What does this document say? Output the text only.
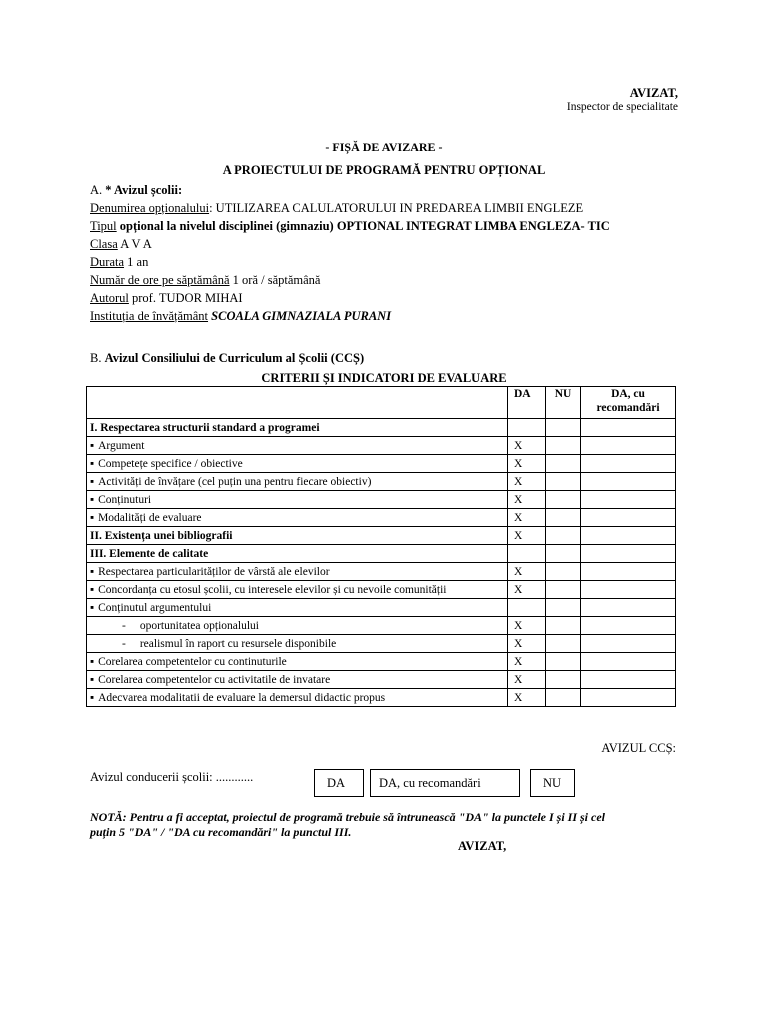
AVIZAT,
Inspector de specialitate
- FIȘĂ DE AVIZARE -
A PROIECTULUI DE PROGRAMĂ PENTRU OPȚIONAL
A. * Avizul școlii:
Denumirea opționalului: UTILIZAREA CALULATORULUI IN PREDAREA LIMBII ENGLEZE
Tipul opțional la nivelul disciplinei (gimnaziu) OPTIONAL INTEGRAT LIMBA ENGLEZA- TIC
Clasa A V A
Durata 1 an
Număr de ore pe săptămână 1 oră / săptămână
Autorul prof. TUDOR MIHAI
Instituția de învățământ SCOALA GIMNAZIALA PURANI
B. Avizul Consiliului de Curriculum al Școlii (CCȘ)
CRITERII ȘI INDICATORI DE EVALUARE
	DA	NU	DA, cu recomandări
I. Respectarea structurii standard a programei			
▪ Argument	X		
▪ Competețe specifice / obiective	X		
▪ Activități de învățare (cel puțin una pentru fiecare obiectiv)	X		
▪ Conținuturi	X		
▪ Modalități de evaluare	X		
II. Existența unei bibliografii	X		
III. Elemente de calitate			
▪ Respectarea particularităților de vârstă ale elevilor	X		
▪ Concordanța cu etosul școlii, cu interesele elevilor și cu nevoile comunității	X		
▪ Conținutul argumentului			
- oportunitatea opționalului	X		
- realismul în raport cu resursele disponibile	X		
▪ Corelarea competentelor cu continuturile	X		
▪ Corelarea competentelor cu activitatile de invatare	X		
▪ Adecvarea modalitatii de evaluare la demersul didactic propus	X		
AVIZUL CCȘ:
Avizul conducerii școlii: ............	DA	DA, cu recomandări	NU
NOTĂ: Pentru a fi acceptat, proiectul de programă trebuie să întrunească "DA" la punctele I și II și cel
puțin 5 "DA" / "DA cu recomandări" la punctul III.
AVIZAT,
